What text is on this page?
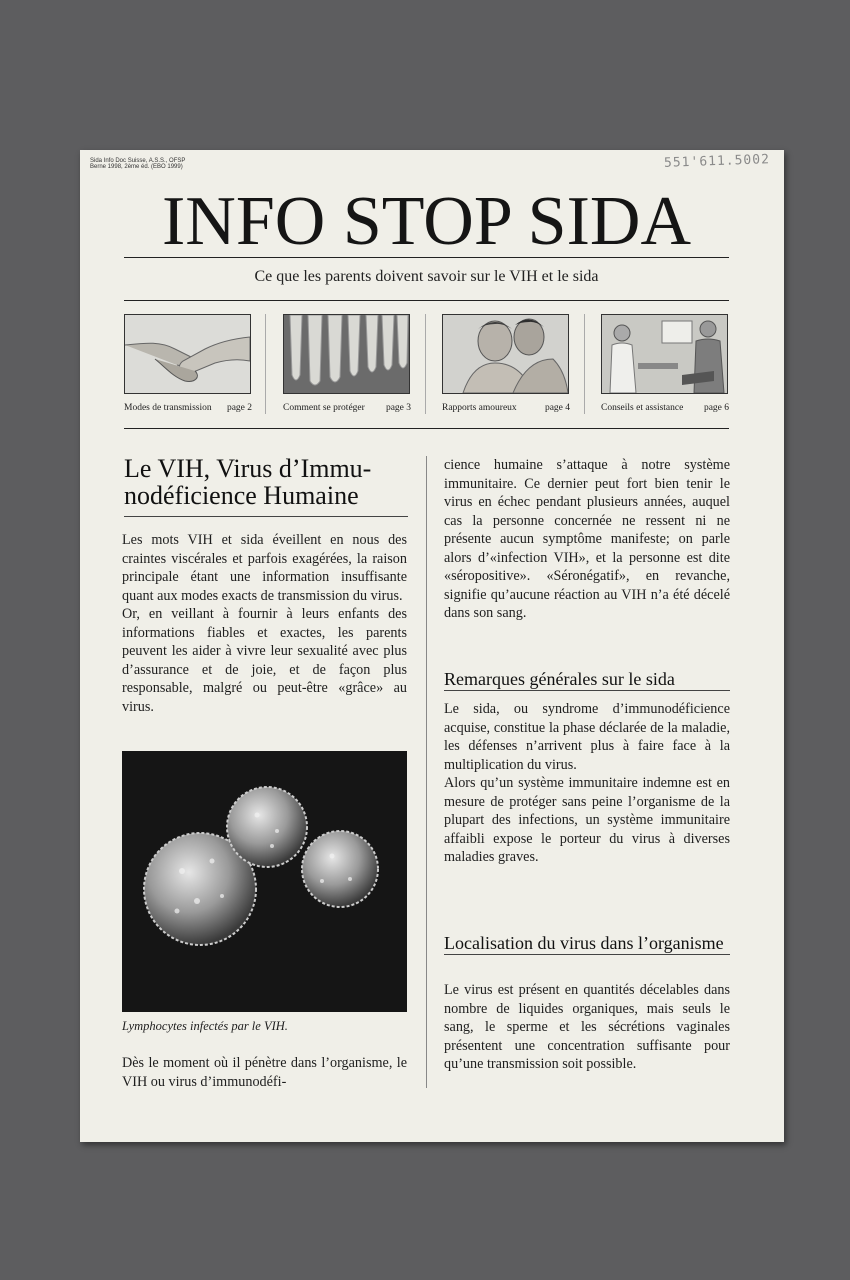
Sida Info Doc Suisse, A.S.S., OFSP
Berne 1998, 2ème éd. (EBO 1999)	551'611.5002
INFO STOP SIDA
Ce que les parents doivent savoir sur le VIH et le sida
Modes de transmission page 2	Comment se protéger page 3	Rapports amoureux	page 4	Conseils et assistance page 6
Le VIH, Virus d’Immu-nodéficience Humaine

Les mots VIH et sida éveillent en nous des craintes viscérales et parfois exagérées, la raison principale étant une information insuffisante quant aux modes exacts de transmission du virus.

Or, en veillant à fournir à leurs enfants des informations fiables et exactes, les parents peuvent les aider à vivre leur sexualité avec plus d’assurance et de joie, et de façon plus responsable, malgré ou peut-être «grâce» au virus.

Lymphocytes infectés par le VIH.

Dès le moment où il pénètre dans l’organisme, le VIH ou virus d’immunodéfi-

cience humaine s’attaque à notre système immunitaire. Ce dernier peut fort bien tenir le virus en échec pendant plusieurs années, auquel cas la personne concernée ne ressent ni ne présente aucun symptôme manifeste; on parle alors d’«infection VIH», et la personne est dite «séropositive». «Séronégatif», en revanche, signifie qu’aucune réaction au VIH n’a été décelé dans son sang.

Remarques générales sur le sida

Le sida, ou syndrome d’immunodéficience acquise, constitue la phase déclarée de la maladie, les défenses n’arrivent plus à faire face à la multiplication du virus.

Alors qu’un système immunitaire indemne est en mesure de protéger sans peine l’organisme de la plupart des infections, un système immunitaire affaibli expose le porteur du virus à diverses maladies graves.

Localisation du virus dans l’organisme

Le virus est présent en quantités décelables dans nombre de liquides organiques, mais seuls le sang, le sperme et les sécrétions vaginales présentent une concentration suffisante pour qu’une transmission soit possible.
